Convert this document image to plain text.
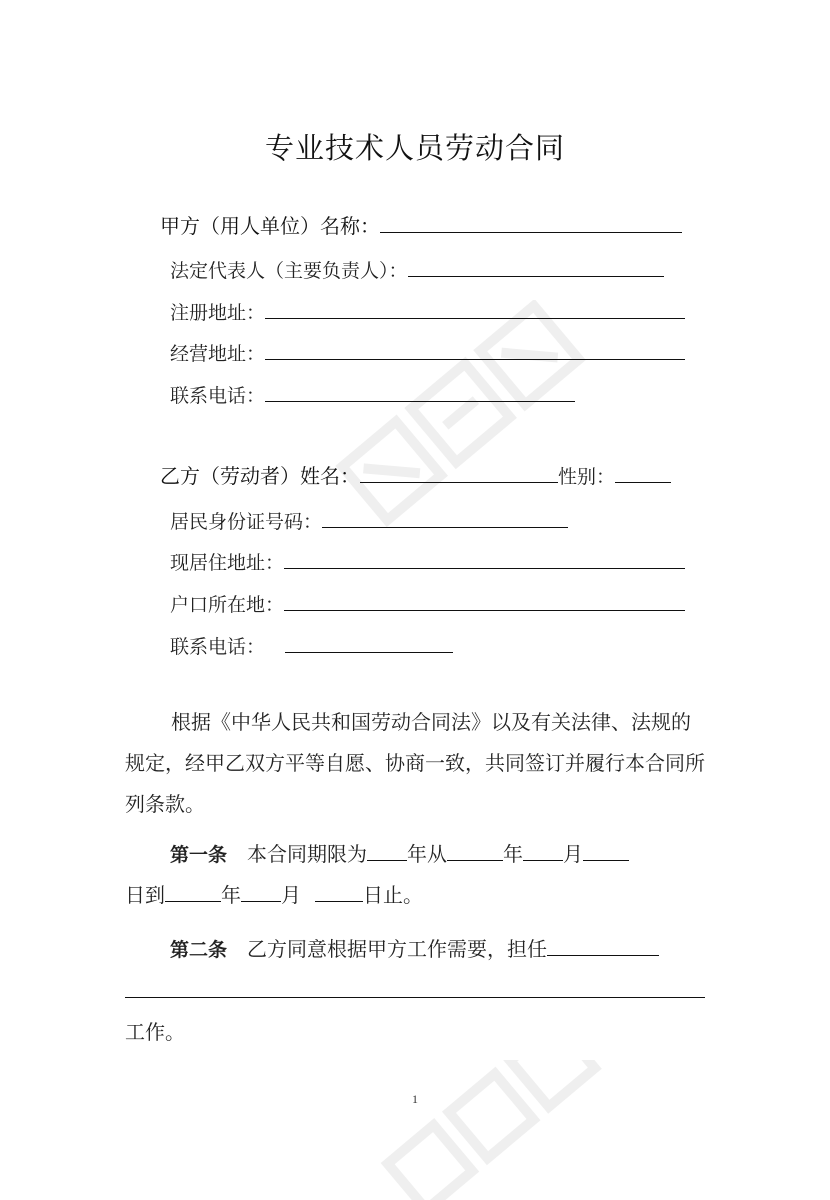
专业技术人员劳动合同
甲方（用人单位）名称：
法定代表人（主要负责人）：
注册地址：
经营地址：
联系电话：
乙方（劳动者）姓名：	性别：
居民身份证号码：
现居住地址：
户口所在地：
联系电话：
根据《中华人民共和国劳动合同法》以及有关法律、法规的规定，经甲乙双方平等自愿、协商一致，共同签订并履行本合同所列条款。
第一条 本合同期限为 年 从	年 月
日到	年 月	日止。
第二条 乙方同意根据甲方工作需要，担任
工作。
1
